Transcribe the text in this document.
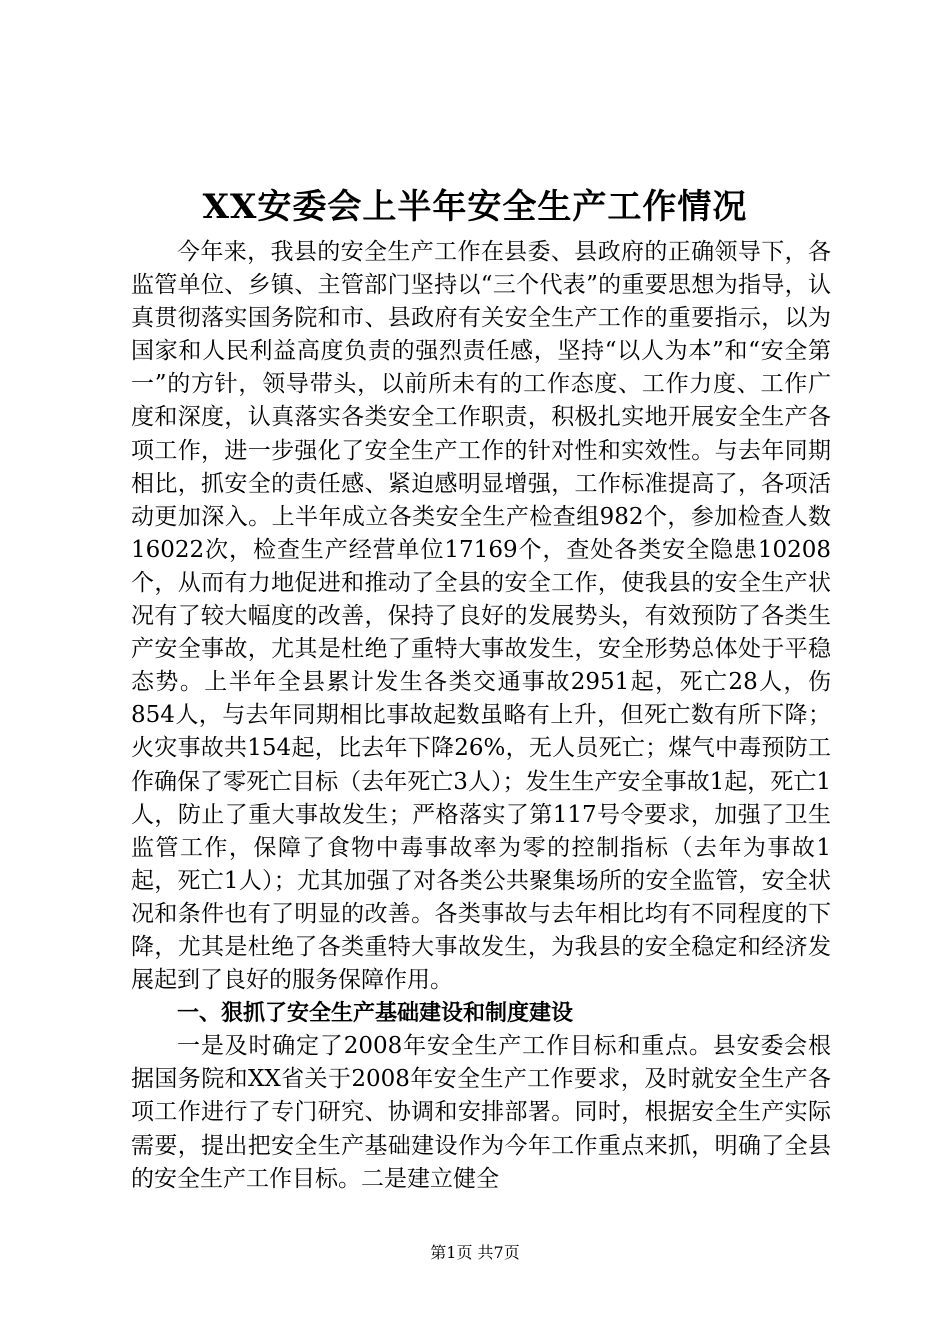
XX安委会上半年安全生产工作情况

今年来，我县的安全生产工作在县委、县政府的正确领导下，各监管单位、乡镇、主管部门坚持以“三个代表”的重要思想为指导，认真贯彻落实国务院和市、县政府有关安全生产工作的重要指示，以为国家和人民利益高度负责的强烈责任感，坚持“以人为本”和“安全第一”的方针，领导带头，以前所未有的工作态度、工作力度、工作广度和深度，认真落实各类安全工作职责，积极扎实地开展安全生产各项工作，进一步强化了安全生产工作的针对性和实效性。与去年同期相比，抓安全的责任感、紧迫感明显增强，工作标准提高了，各项活动更加深入。上半年成立各类安全生产检查组982个，参加检查人数16022次，检查生产经营单位17169个，查处各类安全隐患10208个，从而有力地促进和推动了全县的安全工作，使我县的安全生产状况有了较大幅度的改善，保持了良好的发展势头，有效预防了各类生产安全事故，尤其是杜绝了重特大事故发生，安全形势总体处于平稳态势。上半年全县累计发生各类交通事故2951起，死亡28人，伤854人，与去年同期相比事故起数虽略有上升，但死亡数有所下降；火灾事故共154起，比去年下降26%，无人员死亡；煤气中毒预防工作确保了零死亡目标（去年死亡3人）；发生生产安全事故1起，死亡1人，防止了重大事故发生；严格落实了第117号令要求，加强了卫生监管工作，保障了食物中毒事故率为零的控制指标（去年为事故1起，死亡1人）；尤其加强了对各类公共聚集场所的安全监管，安全状况和条件也有了明显的改善。各类事故与去年相比均有不同程度的下降，尤其是杜绝了各类重特大事故发生，为我县的安全稳定和经济发展起到了良好的服务保障作用。

一、狠抓了安全生产基础建设和制度建设

一是及时确定了2008年安全生产工作目标和重点。县安委会根据国务院和XX省关于2008年安全生产工作要求，及时就安全生产各项工作进行了专门研究、协调和安排部署。同时，根据安全生产实际需要，提出把安全生产基础建设作为今年工作重点来抓，明确了全县的安全生产工作目标。二是建立健全

第1页 共7页
